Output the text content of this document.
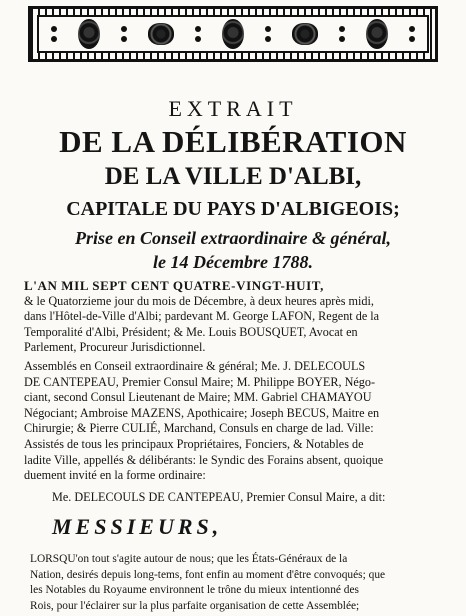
EXTRAIT
DE LA DÉLIBÉRATION
DE LA VILLE D'ALBI,
CAPITALE DU PAYS D'ALBIGEOIS;
Prise en Conseil extraordinaire & général,
le 14 Décembre 1788.
L'AN MIL SEPT CENT QUATRE-VINGT-HUIT,
& le Quatorzieme jour du mois de Décembre, à deux heures après midi,
dans l'Hôtel-de-Ville d'Albi; pardevant M. George LAFON, Regent de la
Temporalité d'Albi, Président; & Me. Louis BOUSQUET, Avocat en
Parlement, Procureur Jurisdictionnel.
Assemblés en Conseil extraordinaire & général; Me. J. DELECOULS
DE CANTEPEAU, Premier Consul Maire; M. Philippe BOYER, Négo-
ciant, second Consul Lieutenant de Maire; MM. Gabriel CHAMAYOU
Négociant; Ambroise MAZENS, Apothicaire; Joseph BECUS, Maitre en
Chirurgie; & Pierre CULIÉ, Marchand, Consuls en charge de lad. Ville:
Assistés de tous les principaux Propriétaires, Fonciers, & Notables de
ladite Ville, appellés & délibérants: le Syndic des Forains absent, quoique
duement invité en la forme ordinaire:
Me. DELECOULS DE CANTEPEAU, Premier Consul Maire, a dit:
MESSIEURS,
LORSQU'on tout s'agite autour de nous; que les États-Généraux de la
Nation, desirés depuis long-tems, font enfin au moment d'être convoqués; que
les Notables du Royaume environnent le trône du mieux intentionné des
Rois, pour l'éclairer sur la plus parfaite organisation de cette Assemblée;
